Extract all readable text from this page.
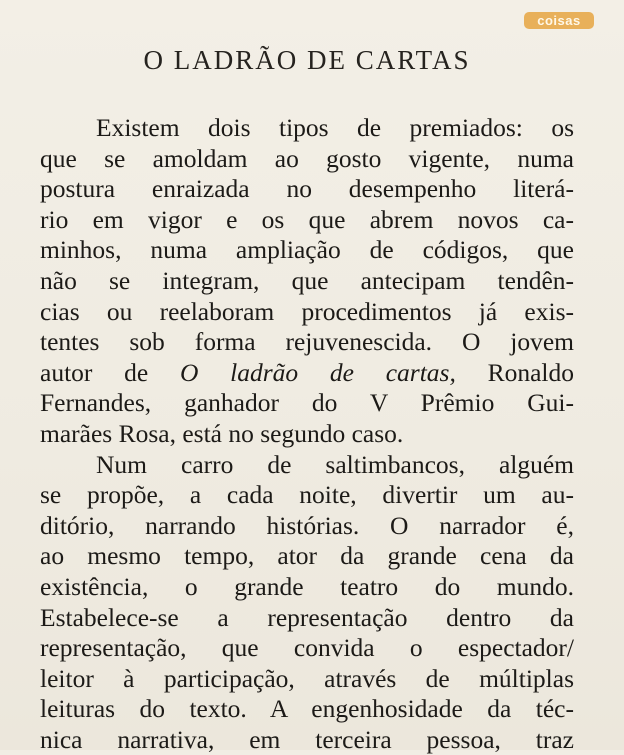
coisas
O LADRÃO DE CARTAS
Existem dois tipos de premiados: os
que se amoldam ao gosto vigente, numa
postura enraizada no desempenho literá-
rio em vigor e os que abrem novos ca-
minhos, numa ampliação de códigos, que
não se integram, que antecipam tendên-
cias ou reelaboram procedimentos já exis-
tentes sob forma rejuvenescida. O jovem
autor de O ladrão de cartas, Ronaldo
Fernandes, ganhador do V Prêmio Gui-
marães Rosa, está no segundo caso.
Num carro de saltimbancos, alguém
se propõe, a cada noite, divertir um au-
ditório, narrando histórias. O narrador é,
ao mesmo tempo, ator da grande cena da
existência, o grande teatro do mundo.
Estabelece-se a representação dentro da
representação, que convida o espectador/
leitor à participação, através de múltiplas
leituras do texto. A engenhosidade da téc-
nica narrativa, em terceira pessoa, traz
